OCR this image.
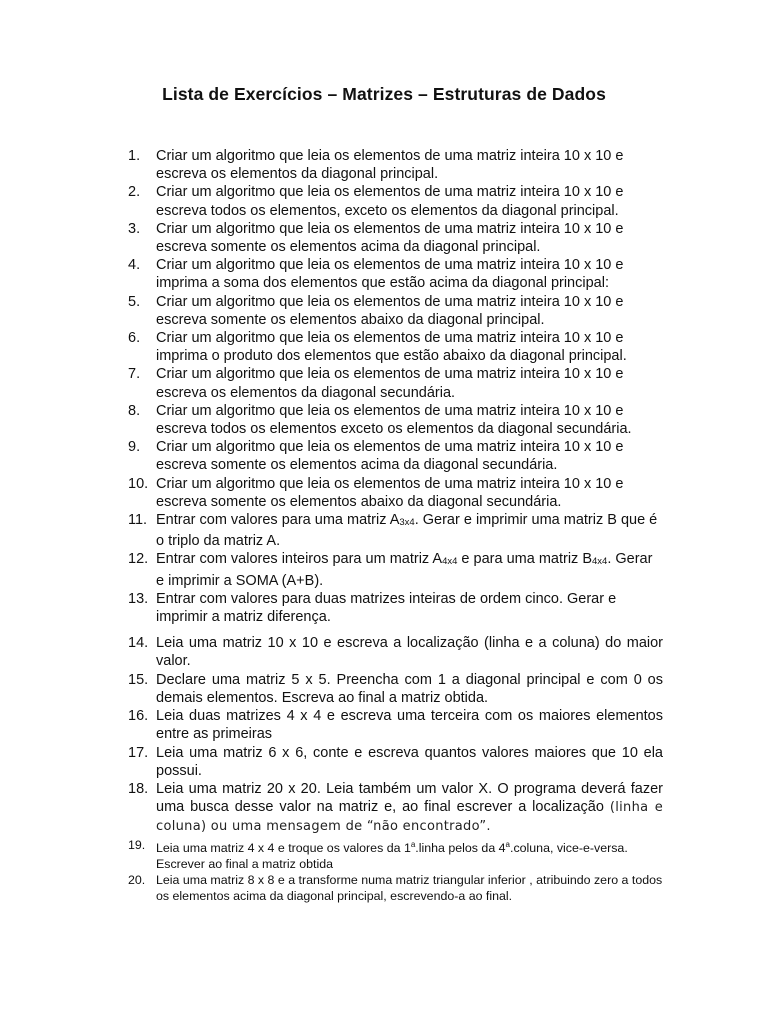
Lista de Exercícios – Matrizes – Estruturas de Dados
1.	Criar um algoritmo que leia os elementos de uma matriz inteira 10 x 10 e escreva os elementos da diagonal principal.
2.	Criar um algoritmo que leia os elementos de uma matriz inteira 10 x 10 e escreva todos os elementos, exceto os elementos da diagonal principal.
3.	Criar um algoritmo que leia os elementos de uma matriz inteira 10 x 10 e escreva somente os elementos acima da diagonal principal.
4.	Criar um algoritmo que leia os elementos de uma matriz inteira 10 x 10 e imprima a soma dos elementos que estão acima da diagonal principal:
5.	Criar um algoritmo que leia os elementos de uma matriz inteira 10 x 10 e escreva somente os elementos abaixo da diagonal principal.
6.	Criar um algoritmo que leia os elementos de uma matriz inteira 10 x 10 e imprima o produto dos elementos que estão abaixo da diagonal principal.
7.	Criar um algoritmo que leia os elementos de uma matriz inteira 10 x 10 e escreva os elementos da diagonal secundária.
8.	Criar um algoritmo que leia os elementos de uma matriz inteira 10 x 10 e escreva todos os elementos exceto os elementos da diagonal secundária.
9.	Criar um algoritmo que leia os elementos de uma matriz inteira 10 x 10 e escreva somente os elementos acima da diagonal secundária.
10. Criar um algoritmo que leia os elementos de uma matriz inteira 10 x 10 e escreva somente os elementos abaixo da diagonal secundária.
11. Entrar com valores para uma matriz $A_{3x4}$. Gerar e imprimir uma matriz B que é o triplo da matriz A.
12. Entrar com valores inteiros para um matriz $A_{4x4}$ e para uma matriz $B_{4x4}$. Gerar e imprimir a SOMA (A+B).
13. Entrar com valores para duas matrizes inteiras de ordem cinco. Gerar e imprimir a matriz diferença.
14. Leia uma matriz 10 x 10 e escreva a localização (linha e a coluna) do maior valor.
15. Declare uma matriz 5 x 5. Preencha com 1 a diagonal principal e com 0 os demais elementos. Escreva ao final a matriz obtida.
16. Leia duas matrizes 4 x 4 e escreva uma terceira com os maiores elementos entre as primeiras
17. Leia uma matriz 6 x 6, conte e escreva quantos valores maiores que 10 ela possui.
18. Leia uma matriz 20 x 20. Leia também um valor X. O programa deverá fazer uma busca desse valor na matriz e, ao final escrever a localização (linha e coluna) ou uma mensagem de “não encontrado”.
19. Leia uma matriz 4 x 4 e troque os valores da 1$^a$.linha pelos da 4$^a$.coluna, vice-e-versa. Escrever ao final a matriz obtida
20. Leia uma matriz 8 x 8 e a transforme numa matriz triangular inferior , atribuindo zero a todos os elementos acima da diagonal principal, escrevendo-a ao final.
